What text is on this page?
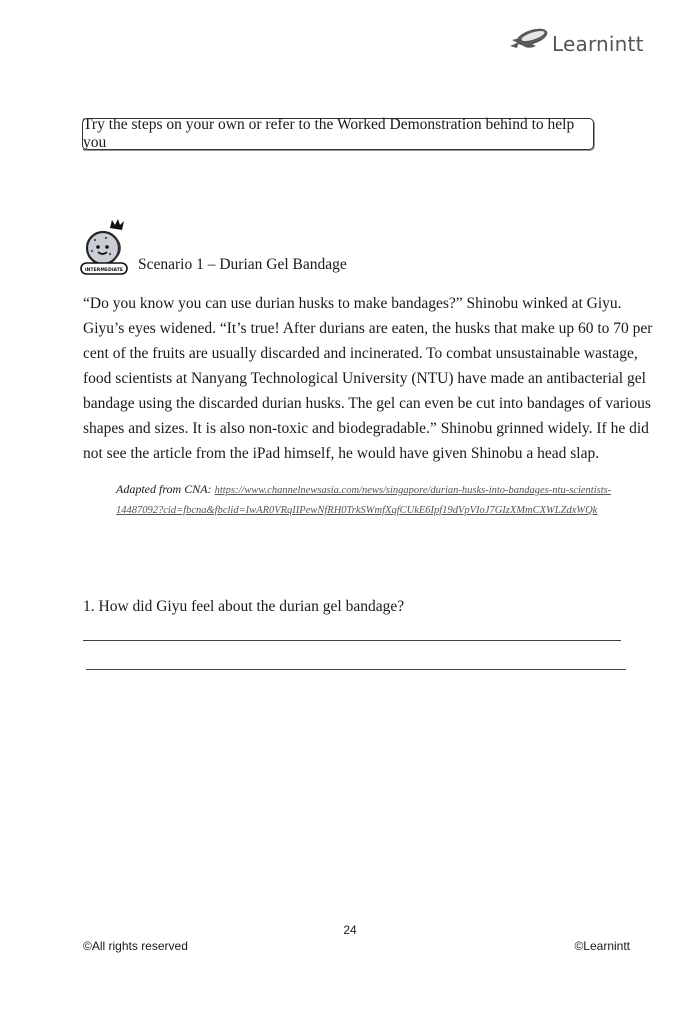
Learnintt
Try the steps on your own or refer to the Worked Demonstration behind to help you
INTERMEDIATE Scenario 1 – Durian Gel Bandage

“Do you know you can use durian husks to make bandages?” Shinobu winked at Giyu.

Giyu’s eyes widened. “It’s true! After durians are eaten, the husks that make up 60 to 70 per

cent of the fruits are usually discarded and incinerated. To combat unsustainable wastage,

food scientists at Nanyang Technological University (NTU) have made an antibacterial gel

bandage using the discarded durian husks. The gel can even be cut into bandages of various

shapes and sizes. It is also non-toxic and biodegradable.” Shinobu grinned widely. If he did

not see the article from the iPad himself, he would have given Shinobu a head slap.

Adapted from CNA: https://www.channelnewsasia.com/news/singapore/durian-husks-into-bandages-ntu-scientists-
14487092?cid=fbcna&fbclid=IwAR0VRqIIPewNfRH0TrkSWmfXqfCUkE6Ipf19dVpVIoJ7GIzXMmCXWLZdxWQk
1. How did Giyu feel about the durian gel bandage?
24
©All rights reserved	©Learnintt
